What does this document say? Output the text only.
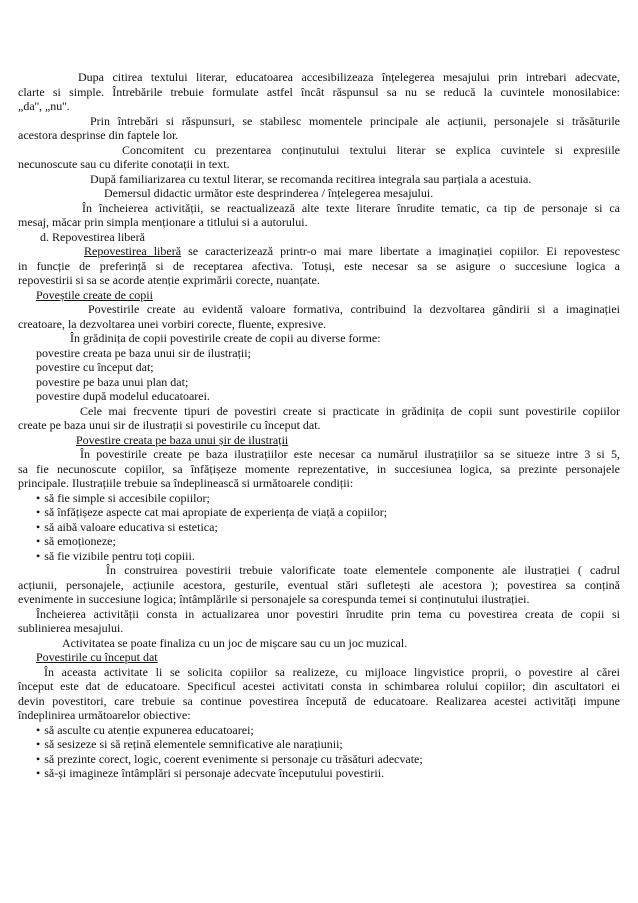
Dupa citirea textului literar, educatoarea accesibilizeaza înțelegerea mesajului prin intrebari adecvate,
clarte si simple. Întrebările trebuie formulate astfel încât răspunsul sa nu se reducă la cuvintele monosilabice:
„da'', „nu''.
Prin întrebări si răspunsuri, se stabilesc momentele principale ale acțiunii, personajele si trăsăturile
acestora desprinse din faptele lor.
Concomitent cu prezentarea conținutului textului literar se explica cuvintele si expresiile
necunoscute sau cu diferite conotații in text.
După familiarizarea cu textul literar, se recomanda recitirea integrala sau parțiala a acestuia.
Demersul didactic următor este desprinderea / înțelegerea mesajului.
În încheierea activității, se reactualizează alte texte literare înrudite tematic, ca tip de personaje si ca
mesaj, măcar prin simpla menționare a titlului si a autorului.
d. Repovestirea liberă
Repovestirea liberă se caracterizează printr-o mai mare libertate a imaginației copiilor. Ei repovestesc
in funcție de preferință si de receptarea afectiva. Totuși, este necesar sa se asigure o succesiune logica a
repovestirii si sa se acorde atenție exprimării corecte, nuanțate.
Poveștile create de copii
Povestirile create au evidentă valoare formativa, contribuind la dezvoltarea gândirii si a imaginației
creatoare, la dezvoltarea unei vorbiri corecte, fluente, expresive.
În grădinița de copii povestirile create de copii au diverse forme:
povestire creata pe baza unui sir de ilustrații;
povestire cu început dat;
povestire pe baza unui plan dat;
povestire după modelul educatoarei.
Cele mai frecvente tipuri de povestiri create si practicate in grădinița de copii sunt povestirile copiilor
create pe baza unui sir de ilustrații si povestirile cu început dat.
Povestire creata pe baza unui șir de ilustrații
În povestirile create pe baza ilustrațiilor este necesar ca numărul ilustrațiilor sa se situeze intre 3 si 5,
sa fie necunoscute copiilor, sa înfățișeze momente reprezentative, in succesiunea logica, sa prezinte personajele
principale. Ilustrațiile trebuie sa îndeplinească si următoarele condiții:
• să fie simple si accesibile copiilor;
• să înfățișeze aspecte cat mai apropiate de experiența de viață a copiilor;
• să aibă valoare educativa si estetica;
• să emoționeze;
• să fie vizibile pentru toți copiii.
În construirea povestirii trebuie valorificate toate elementele componente ale ilustrației ( cadrul
acțiunii, personajele, acțiunile acestora, gesturile, eventual stări sufletești ale acestora ); povestirea sa conțină
evenimente in succesiune logica; întâmplările si personajele sa corespunda temei si conținutului ilustrației.
Încheierea activității consta in actualizarea unor povestiri înrudite prin tema cu povestirea creata de copii si
sublinierea mesajului.
Activitatea se poate finaliza cu un joc de mișcare sau cu un joc muzical.
Povestirile cu început dat
În aceasta activitate li se solicita copiilor sa realizeze, cu mijloace lingvistice proprii, o povestire al cărei
început este dat de educatoare. Specificul acestei activitati consta in schimbarea rolului copiilor; din ascultatori ei
devin povestitori, care trebuie sa continue povestirea începută de educatoare. Realizarea acestei activități impune
îndeplinirea următoarelor obiective:
• să asculte cu atenție expunerea educatoarei;
• să sesizeze si să rețină elementele semnificative ale narațiunii;
• să prezinte corect, logic, coerent evenimente si personaje cu trăsături adecvate;
• să-și imagineze întâmplări si personaje adecvate începutului povestirii.
